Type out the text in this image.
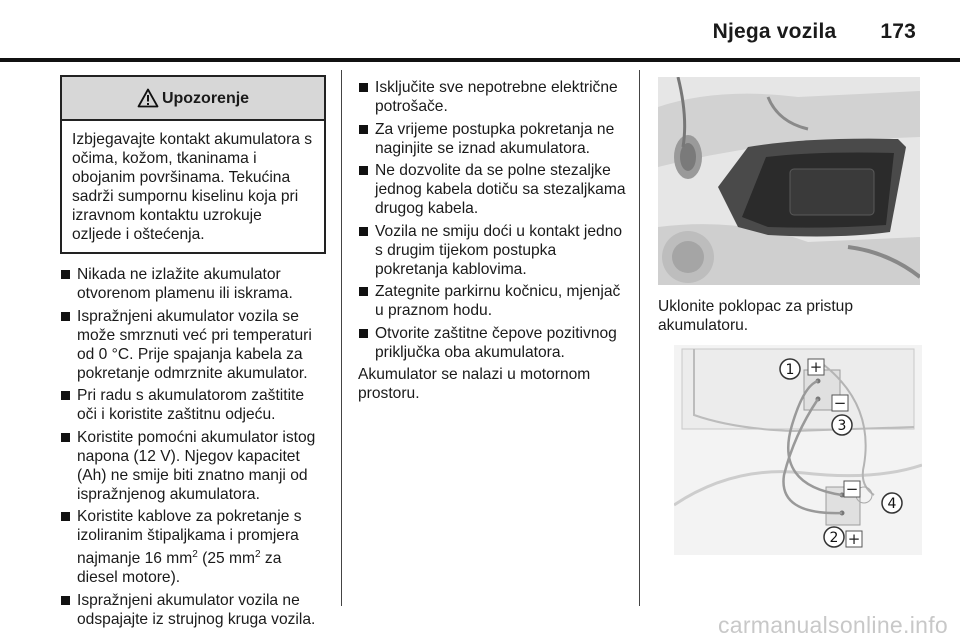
Njega vozila 173
Upozorenje
Izbjegavajte kontakt akumulatora s očima, kožom, tkaninama i obojanim površinama. Tekućina sadrži sumpornu kiselinu koja pri izravnom kontaktu uzrokuje ozljede i oštećenja.
Nikada ne izlažite akumulator otvorenom plamenu ili iskrama.
Ispražnjeni akumulator vozila se može smrznuti već pri temperaturi od 0 °C. Prije spajanja kabela za pokretanje odmrznite akumulator.
Pri radu s akumulatorom zaštitite oči i koristite zaštitnu odjeću.
Koristite pomoćni akumulator istog napona (12 V). Njegov kapacitet (Ah) ne smije biti znatno manji od ispražnjenog akumulatora.
Koristite kablove za pokretanje s izoliranim štipaljkama i promjera najmanje 16 $mm^2$ (25 $mm^2$ za diesel motore).
Ispražnjeni akumulator vozila ne odspajajte iz strujnog kruga vozila.
Isključite sve nepotrebne električne potrošače.
Za vrijeme postupka pokretanja ne naginjite se iznad akumulatora.
Ne dozvolite da se polne stezaljke jednog kabela dotiču sa stezaljkama drugog kabela.
Vozila ne smiju doći u kontakt jedno s drugim tijekom postupka pokretanja kablovima.
Zategnite parkirnu kočnicu, mjenjač u praznom hodu.
Otvorite zaštitne čepove pozitivnog priključka oba akumulatora.

Akumulator se nalazi u motornom prostoru.

Uklonite poklopac za pristup akumulatoru.

+
−
−
+
1
2
3
4
carmanualsonline.info
